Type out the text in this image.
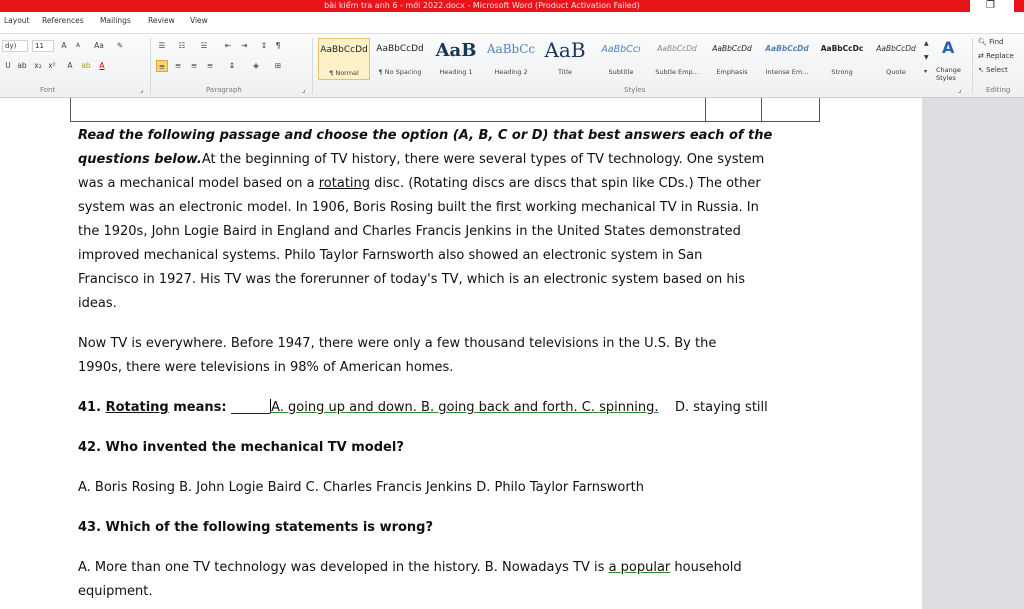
bài kiểm tra anh 6 - mới 2022.docx - Microsoft Word (Product Activation Failed)	❐
Layout References Mailings Review View
dy)	11	A	A	Aa	✎
U ab	x₂ x²	A	ab	A
Font	⌟
☰	☷	☱	⇤	⇥	↕	¶
≡	≡	≡	≡	↨	◈	⊞
Paragraph	⌟
AaBbCcDd
¶ Normal
AaBbCcDd
¶ No Spacing
AaB
Heading 1
AaBbCc
Heading 2
AaB
Title
AaBbCcı
Subtitle
AaBbCcDd
Subtle Emp...
AaBbCcDd
Emphasis
AaBbCcDd
Intense Em...
AaBbCcDc
Strong
AaBbCcDd
Quote
▲
▼
▾
A
Change Styles
Styles	⌟
🔍︎ Find
⇄ Replace
↖ Select
Editing
Read the following passage and choose the option (A, B, C or D) that best answers each of the
questions below.At the beginning of TV history, there were several types of TV technology. One system
was a mechanical model based on a rotating disc. (Rotating discs are discs that spin like CDs.) The other
system was an electronic model. In 1906, Boris Rosing built the first working mechanical TV in Russia. In
the 1920s, John Logie Baird in England and Charles Francis Jenkins in the United States demonstrated
improved mechanical systems. Philo Taylor Farnsworth also showed an electronic system in San
Francisco in 1927. His TV was the forerunner of today's TV, which is an electronic system based on his
ideas.
Now TV is everywhere. Before 1947, there were only a few thousand televisions in the U.S. By the
1990s, there were televisions in 98% of American homes.
41. Rotating means: ______A. going up and down. B. going back and forth. C. spinning. D. staying still
42. Who invented the mechanical TV model?
A. Boris Rosing B. John Logie Baird C. Charles Francis Jenkins D. Philo Taylor Farnsworth
43. Which of the following statements is wrong?
A. More than one TV technology was developed in the history. B. Nowadays TV is a popular household
equipment.
